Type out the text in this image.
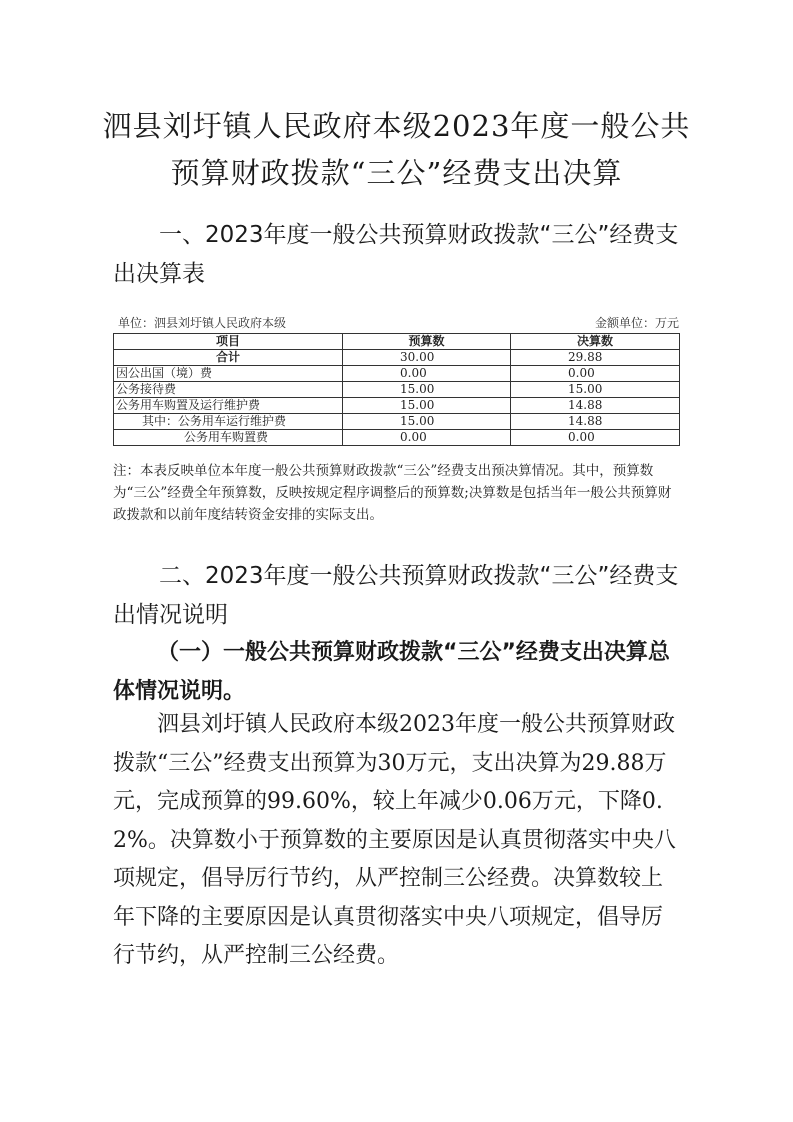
泗县刘圩镇人民政府本级2023年度一般公共预算财政拨款“三公”经费支出决算
一、2023年度一般公共预算财政拨款“三公”经费支出决算表
单位：泗县刘圩镇人民政府本级	金额单位：万元
项目	预算数	决算数
合计	30.00	29.88
因公出国（境）费	0.00	0.00
公务接待费	15.00	15.00
公务用车购置及运行维护费	15.00	14.88
其中：公务用车运行维护费	15.00	14.88
公务用车购置费	0.00	0.00

注：本表反映单位本年度一般公共预算财政拨款“三公”经费支出预决算情况。其中，预算数为“三公”经费全年预算数，反映按规定程序调整后的预算数;决算数是包括当年一般公共预算财政拨款和以前年度结转资金安排的实际支出。

二、2023年度一般公共预算财政拨款“三公”经费支出情况说明
（一）一般公共预算财政拨款“三公”经费支出决算总体情况说明。

泗县刘圩镇人民政府本级2023年度一般公共预算财政拨款“三公”经费支出预算为30万元，支出决算为29.88万元，完成预算的99.60%，较上年减少0.06万元，下降0.2%。决算数小于预算数的主要原因是认真贯彻落实中央八项规定，倡导厉行节约，从严控制三公经费。决算数较上年下降的主要原因是认真贯彻落实中央八项规定，倡导厉行节约，从严控制三公经费。
